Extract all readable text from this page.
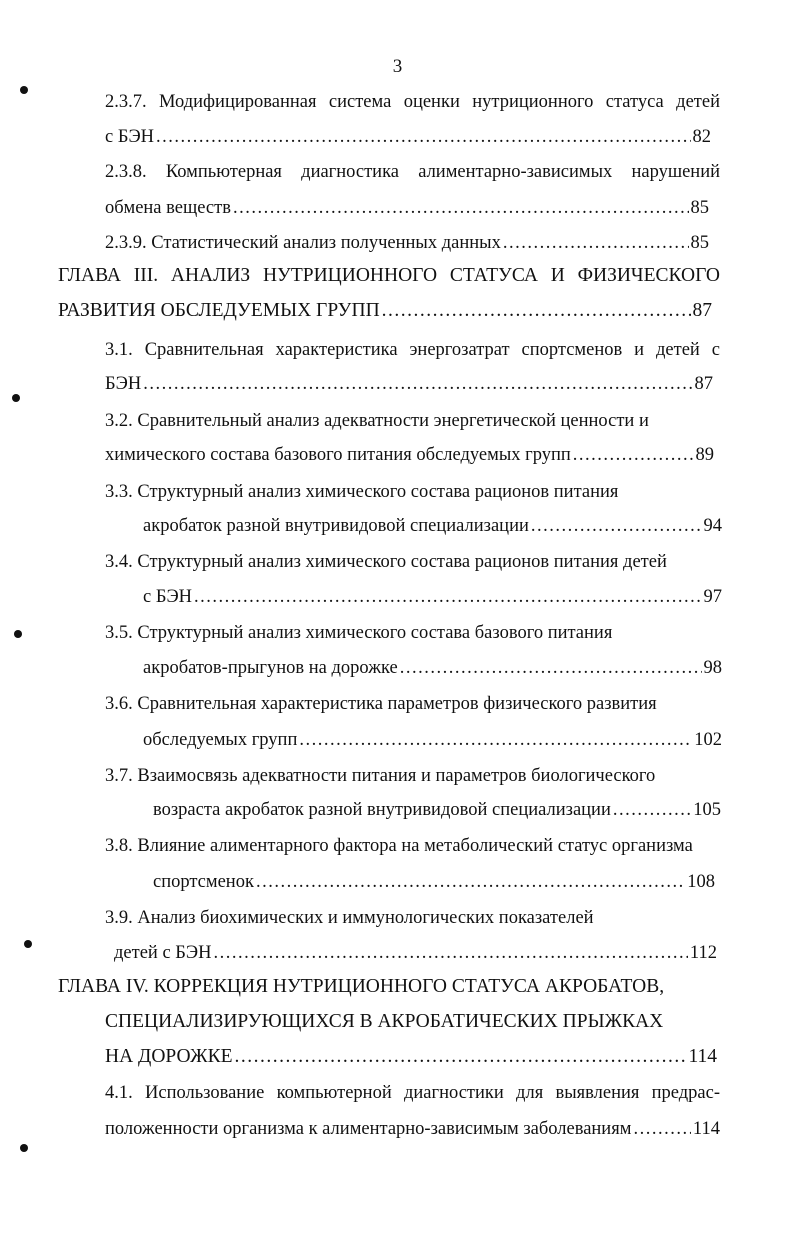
3
2.3.7. Модифицированная система оценки нутриционного статуса детей
с БЭН .....	82
2.3.8. Компьютерная диагностика алиментарно-зависимых нарушений
обмена веществ .....	85
2.3.9. Статистический анализ полученных данных .....	85
ГЛАВА III. АНАЛИЗ НУТРИЦИОННОГО СТАТУСА И ФИЗИЧЕСКОГО
РАЗВИТИЯ ОБСЛЕДУЕМЫХ ГРУПП .....	87
3.1. Сравнительная характеристика энергозатрат спортсменов и детей с
БЭН .....	87
3.2. Сравнительный анализ адекватности энергетической ценности и
химического состава базового питания обследуемых групп .....	89
3.3. Структурный анализ химического состава рационов питания
акробаток разной внутривидовой специализации .....	94
3.4. Структурный анализ химического состава рационов питания детей
с БЭН .....	97
3.5. Структурный анализ химического состава базового питания
акробатов-прыгунов на дорожке .....	98
3.6. Сравнительная характеристика параметров физического развития
обследуемых групп .....	102
3.7. Взаимосвязь адекватности питания и параметров биологического
возраста акробаток разной внутривидовой специализации .....	105
3.8. Влияние алиментарного фактора на метаболический статус организма
спортсменок .....	108
3.9. Анализ биохимических и иммунологических показателей
детей с БЭН .....	112
ГЛАВА IV. КОРРЕКЦИЯ НУТРИЦИОННОГО СТАТУСА АКРОБАТОВ,
СПЕЦИАЛИЗИРУЮЩИХСЯ В АКРОБАТИЧЕСКИХ ПРЫЖКАХ
НА ДОРОЖКЕ .....	114
4.1. Использование компьютерной диагностики для выявления предрас-
положенности организма к алиментарно-зависимым заболеваниям .....	114
